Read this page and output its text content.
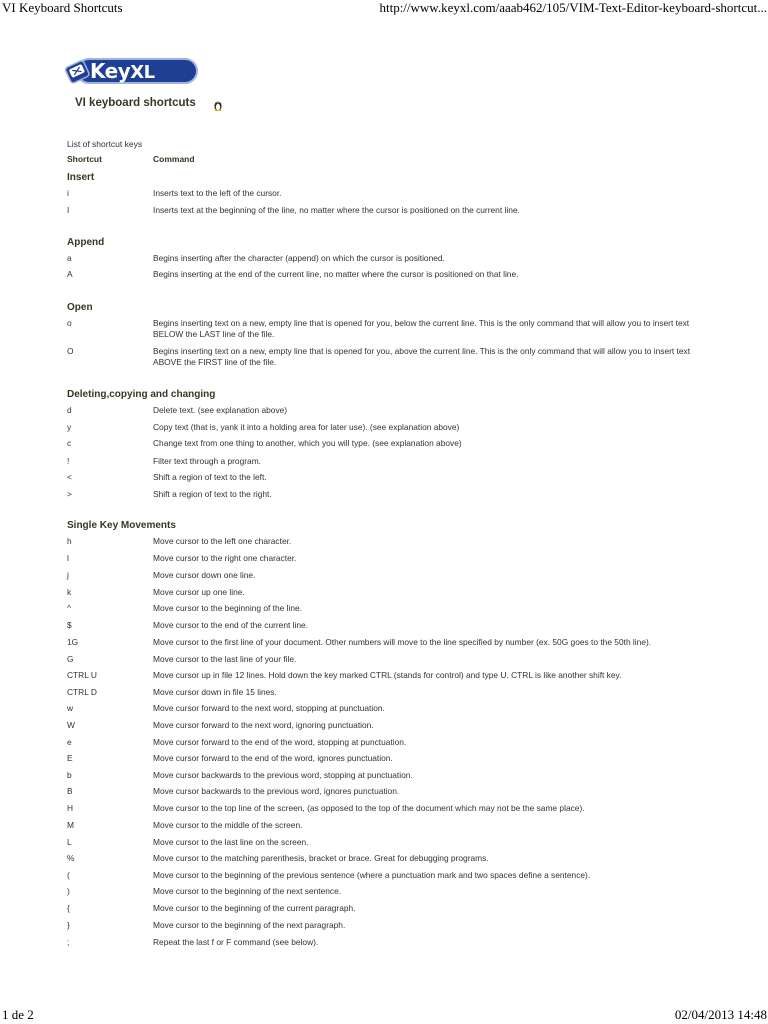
VI Keyboard Shortcuts	http://www.keyxl.com/aaab462/105/VIM-Text-Editor-keyboard-shortcut...
KeyXL
VI keyboard shortcuts
List of shortcut keys
Shortcut	Command
Insert
i	Inserts text to the left of the cursor.
I	Inserts text at the beginning of the line, no matter where the cursor is positioned on the current line.
Append
a	Begins inserting after the character (append) on which the cursor is positioned.
A	Begins inserting at the end of the current line, no matter where the cursor is positioned on that line.
Open
o	Begins inserting text on a new, empty line that is opened for you, below the current line. This is the only command that will allow you to insert text BELOW the LAST line of the file.
O	Begins inserting text on a new, empty line that is opened for you, above the current line. This is the only command that will allow you to insert text ABOVE the FIRST line of the file.
Deleting,copying and changing
d	Delete text. (see explanation above)
y	Copy text (that is, yank it into a holding area for later use). (see explanation above)
c	Change text from one thing to another, which you will type. (see explanation above)
!	Filter text through a program.
<	Shift a region of text to the left.
>	Shift a region of text to the right.
Single Key Movements
h	Move cursor to the left one character.
l	Move cursor to the right one character.
j	Move cursor down one line.
k	Move cursor up one line.
^	Move cursor to the beginning of the line.
$	Move cursor to the end of the current line.
1G	Move cursor to the first line of your document. Other numbers will move to the line specified by number (ex. 50G goes to the 50th line).
G	Move cursor to the last line of your file.
CTRL U	Move cursor up in file 12 lines. Hold down the key marked CTRL (stands for control) and type U. CTRL is like another shift key.
CTRL D	Move cursor down in file 15 lines.
w	Move cursor forward to the next word, stopping at punctuation.
W	Move cursor forward to the next word, ignoring punctuation.
e	Move cursor forward to the end of the word, stopping at punctuation.
E	Move cursor forward to the end of the word, ignores punctuation.
b	Move cursor backwards to the previous word, stopping at punctuation.
B	Move cursor backwards to the previous word, ignores punctuation.
H	Move cursor to the top line of the screen, (as opposed to the top of the document which may not be the same place).
M	Move cursor to the middle of the screen.
L	Move cursor to the last line on the screen.
%	Move cursor to the matching parenthesis, bracket or brace. Great for debugging programs.
(	Move cursor to the beginning of the previous sentence (where a punctuation mark and two spaces define a sentence).
)	Move cursor to the beginning of the next sentence.
{	Move cursor to the beginning of the current paragraph.
}	Move cursor to the beginning of the next paragraph.
;	Repeat the last f or F command (see below).
1 de 2	02/04/2013 14:48
